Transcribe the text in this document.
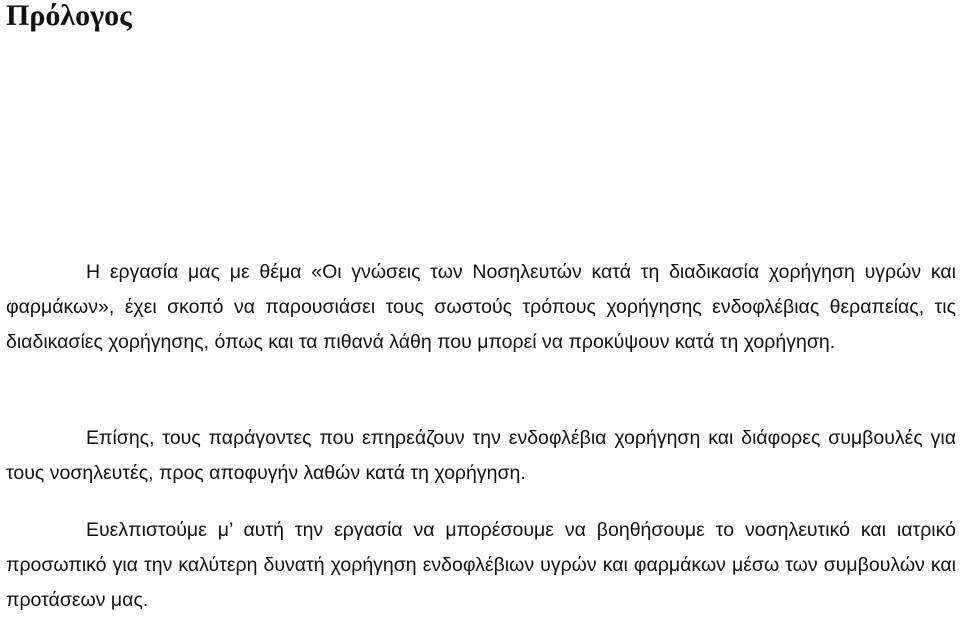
Πρόλογος

Η εργασία μας με θέμα «Οι γνώσεις των Νοσηλευτών κατά τη διαδικασία χορήγηση υγρών και φαρμάκων», έχει σκοπό να παρουσιάσει τους σωστούς τρόπους χορήγησης ενδοφλέβιας θεραπείας, τις διαδικασίες χορήγησης, όπως και τα πιθανά λάθη που μπορεί να προκύψουν κατά τη χορήγηση.

Επίσης, τους παράγοντες που επηρεάζουν την ενδοφλέβια χορήγηση και διάφορες συμβουλές για τους νοσηλευτές, προς αποφυγήν λαθών κατά τη χορήγηση.

Ευελπιστούμε μ’ αυτή την εργασία να μπορέσουμε να βοηθήσουμε το νοσηλευτικό και ιατρικό προσωπικό για την καλύτερη δυνατή χορήγηση ενδοφλέβιων υγρών και φαρμάκων μέσω των συμβουλών και προτάσεων μας.
